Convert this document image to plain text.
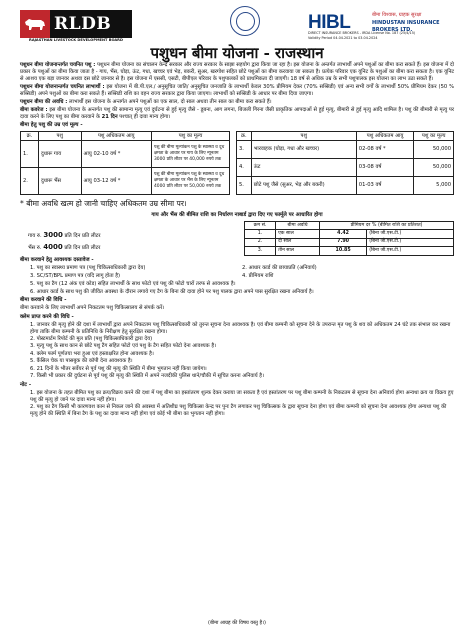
RLDB
RAJASTHAN LIVESTOCK DEVELOPMENT BOARD
HIBL	बीमा विश्वास, ग्राहक सुरक्षा
HINDUSTAN INSURANCE BROKERS LTD.
DIRECT INSURANCE BROKERS - IRDA License No. 187 (25/4/15)
Validity Period 04.04.2021 to 03.04.2024
पशुधन बीमा योजना - राजस्थान

पशुधन बीमा योजनान्तर्गत चयनित पशु : पशुधन बीमा योजना का संचालन केन्द्र सरकार और राज्य सरकार के साझा सहयोग द्वारा किया जा रहा है। इस योजना के अन्तर्गत लाभार्थी अपने पशुओं का बीमा करा सकते हैं। इस योजना में दो प्रकार के पशुओं का बीमा किया जाता है - गाय, भैंस, घोड़ा, ऊंट, गधा, खच्चर एवं भेड़, बकरी, सुअर, खरगोश सहित छोटे पशुओं का बीमा करवाया जा सकता है। प्रत्येक परिवार एक यूनिट के पशुओं का बीमा करा सकता है। एक यूनिट से आशय एक बड़ा जानवर अथवा दस छोटे जानवर से है। इस योजना में एससी, एसटी, बीपीएल परिवार के पशुपालकों को प्राथमिकता दी जाएगी। 18 वर्ष से अधिक उम्र के सभी पशुपालक इस योजना का लाभ उठा सकते हैं।

पशुधन बीमा योजनान्तर्गत चयनित लाभार्थी : इस योजना में बी.पी.एल./ अनुसूचित जाति/ अनुसूचित जनजाति के लाभार्थी केवल 30% प्रीमियम देकर (70% सब्सिडी) एवं अन्य सभी वर्गों के लाभार्थी 50% प्रीमियम देकर (50 % सब्सिडी) अपने पशुओं का बीमा करा सकते हैं। सब्सिडी राशि का वहन राज्य सरकार द्वारा किया जाएगा। लाभार्थी को सब्सिडी के आधार पर बीमा दिया जाएगा।

पशुधन बीमा की अवधि : लाभार्थी इस योजना के अन्तर्गत अपने पशुओं का एक साल, दो साल अथवा तीन साल का बीमा करा सकते हैं।

बीमा कवरेज : इस बीमा योजना के अन्तर्गत पशु की सामान्य मृत्यु एवं दुर्घटना से हुई मृत्यु जैसे - डूबना, आग लगना, बिजली गिरना जैसी प्राकृतिक आपदाओं से हुई मृत्यु, बीमारी से हुई मृत्यु आदि शामिल है। पशु की बीमारी से मृत्यु पर दावा करने के लिए पशु का बीमा करवाने के 21 दिन पश्चात् ही दावा मान्य होगा।

बीमा हेतु पशु की उम्र एवं मूल्य -
क्र.	पशु	पशु अधिकतम आयु	पशु का मूल्य
1.	दुधारू गाय	आयु 02-10 वर्ष *	पशु की बीमा मूल्यांकन पशु के स्वास्थ्य व दूध क्षमता के आधार पर गाय के लिए न्यूनतम 3000 प्रति लीटर पर 40,000 रुपये तक
2.	दुधारू भैंस	आयु 03-12 वर्ष *	पशु की बीमा मूल्यांकन पशु के स्वास्थ्य व दूध क्षमता के आधार पर भैंस के लिए न्यूनतम 4000 प्रति लीटर पर 50,000 रुपये तक
क्र.	पशु	पशु अधिकतम आयु	पशु का मूल्य
3.	भारवाहक (घोड़ा, गधा और खच्चर)	02-08 वर्ष *	50,000
4.	ऊंट	03-08 वर्ष	50,000
5.	छोटे पशु जैसे (सुअर, भेड़ और बकरी)	01-03 वर्ष	5,000
* बीमा अवधि खत्म हो जानी चाहिए अधिकतम उम्र सीमा पर।
गाय और भैंस की बीमित राशि का निर्धारण नाबार्ड द्वारा दिए गए फार्मूले पर आधारित होगा
गाय रु. 3000 प्रति दिन प्रति लीटर
भैंस रु. 4000 प्रति दिन प्रति लीटर
क्रम सं.	बीमा अवधि	प्रीमियम दर % (बीमित राशि का प्रतिशत)	
1.	एक साल	4.42	(बिना जी.एस.टी.)
2.	दो साल	7.90	(बिना जी.एस.टी.)
3.	तीन साल	10.85	(बिना जी.एस.टी.)
बीमा करवाने हेतु आवश्यक दस्तावेज -
1. पशु का स्वास्थ्य प्रमाण पत्र (पशु चिकित्साधिकारी द्वारा देय)	2. आधार कार्ड की छायाप्रति (अनिवार्य)
3. SC/ST/BPL प्रमाण पत्र (यदि लागू होता है)	4. प्रीमियम राशि
5. पशु का टैग (12 अंक एवं कोड) सहित लाभार्थी के साथ फोटो एवं पशु की फोटो चारों तरफ से आवश्यक है।
6. आधार कार्ड के साथ पशु की जीवित अवस्था के दौरान लगाये गए टैग के बिना की दावा होने पर पशु पालक द्वारा अपने पास सुरक्षित रखना अनिवार्य है।
बीमा करवाने की विधि -

बीमा करवाने के लिए लाभार्थी अपने निकटतम पशु चिकित्सालय से संपर्क करें।

क्लेम प्राप्त करने की विधि -
1. जानवर की मृत्यु होने की दशा में लाभार्थी द्वारा अपने निकटतम पशु चिकित्साधिकारी को तुरन्त सूचना देना आवश्यक है। एवं बीमा कम्पनी को सूचना देने के उपरान्त मृत पशु के शव को अधिकतम 24 घंटे तक संभाल कर रखना होगा ताकि बीमा कम्पनी के प्रतिनिधि के निरीक्षण हेतु सुरक्षित रखना होगा।
2. पोस्टमार्टम रिपोर्ट की मूल प्रति (पशु चिकित्साधिकारी द्वारा देय)
3. मृत्यु पशु के साथ कान से छोटे पशु टैग सहित फोटो एवं पशु के टैग सहित फोटो देना आवश्यक है।
4. क्लेम फार्म पूर्णतया भरा हुआ एवं हस्ताक्षरित होना आवश्यक है।
5. कैंसिल चेक या पासबुक की कॉपी देना आवश्यक है।
6. 21 दिनों के भीतर सर्वेयर से पूर्व पशु की मृत्यु की स्थिति में बीमा भुगतान नहीं किया जायेगा।
7. किसी भी प्रकार की दुर्घटना से पूर्व पशु की मृत्यु की स्थिति में अपने नजदीकी पुलिस थाने/चौकी में सूचित करना अनिवार्य है।
नोट -
1. इस योजना के तहत बीमित पशु का क्रय/विक्रय करने की दशा में पशु बीमा का हस्तांतरण शुल्क देकर कराया जा सकता है एवं हस्तांतरण पर पशु बीमा कम्पनी के निकटतम से सूचना देना अनिवार्य होगा अन्यथा क्रय या विक्रय हुए पशु की मृत्यु हो जाने पर दावा मान्य नहीं होगा।
2. पशु का टैग किसी भी कारणवश कान से निकल जाने की अवस्था में अतिशीघ्र पशु चिकित्सा केन्द्र पर पुनः टैग लगाकर पशु चिकित्सक के द्वारा सूचना देना होगा एवं बीमा कम्पनी को सूचना देना आवश्यक होगा अन्यथा पशु की मृत्यु होने की स्थिति में बिना टैग के पशु का दावा मान्य नहीं होगा एवं कोई भी बीमा का भुगतान नहीं होगा।
(बीमा आग्रह की विषय वस्तु है।)
